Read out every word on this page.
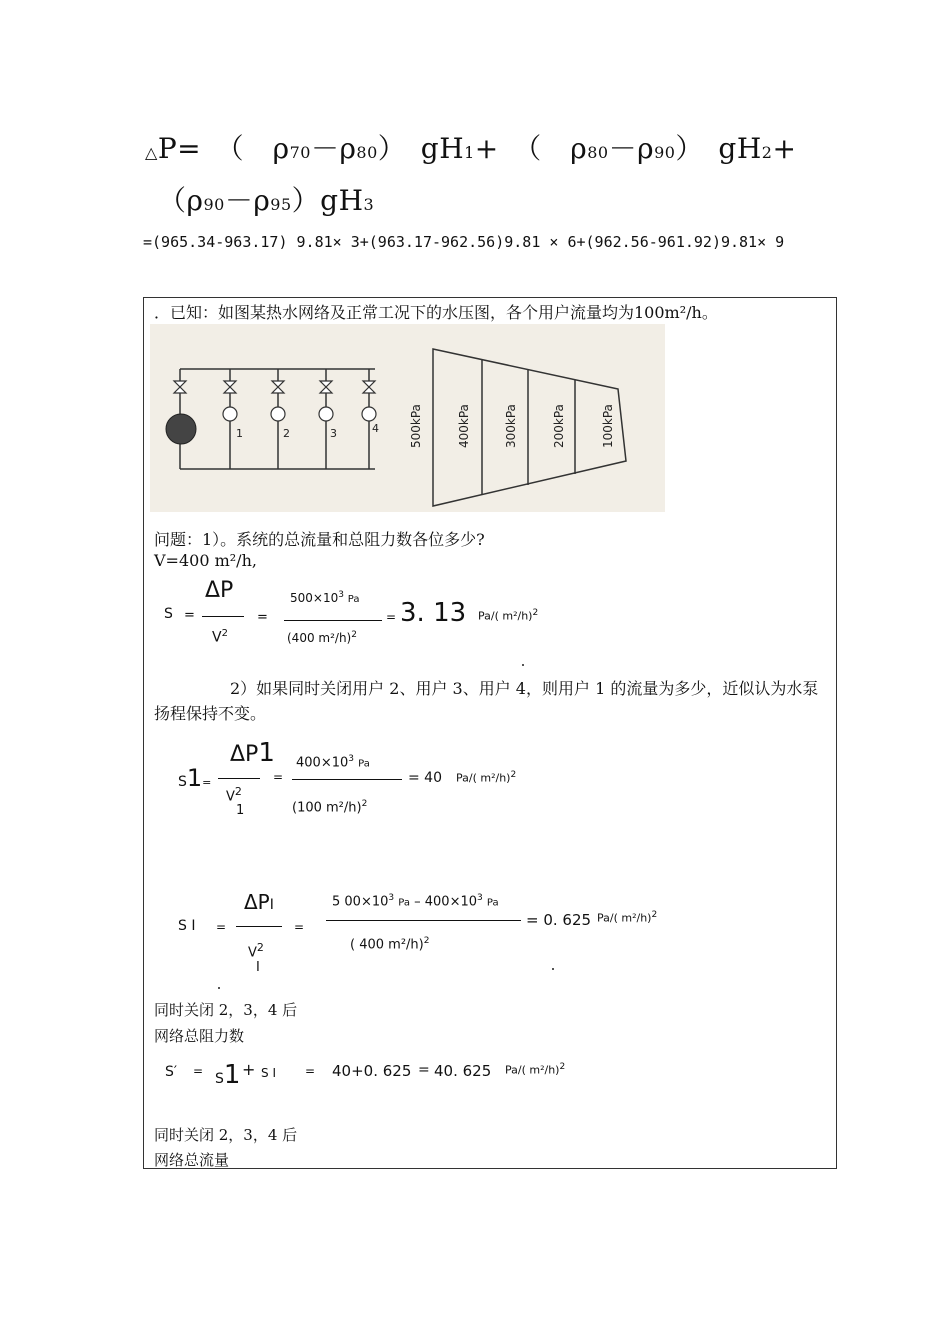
△P=　（　ρ70－ρ80）　gH1+　（　ρ80－ρ90）　gH2+
（ρ90－ρ95）gH3
=(965.34-963.17) 9.81× 3+(963.17-962.56)9.81 × 6+(962.56-961.92)9.81× 9
．已知：如图某热水网络及正常工况下的水压图，各个用户流量均为100m²/h。
1	2	3	4	500kPa	400kPa	300kPa	200kPa	100kPa
问题：1）。系统的总流量和总阻力数各位多少?
V=400 m²/h,
S =
ΔP
$V^2$
=
$500\times 10^3$ Pa
(400 m²/h)$^2$
= 3. 13 Pa/( m²/h)$^2$
2）如果同时关闭用户 2、用户 3、用户 4，则用户 1 的流量为多少，近似认为水泵扬程保持不变。
S1=
ΔP1
$V^2$
1
=
$400\times 10^3$ Pa
(100 m²/h)$^2$
= 40 Pa/( m²/h)$^2$
S I =
ΔPI
$V^2$
I
=
5 $00\times 10^3$ $Pa - 400\times 10^3$ Pa
( 400 m²/h)$^2$
= 0. 625 Pa/( m²/h)$^2$
同时关闭 2，3，4 后
网络总阻力数
S′ = S1 + S I = 40+0. 625 = 40. 625 Pa/( m²/h)$^2$
同时关闭 2，3，4 后
网络总流量
